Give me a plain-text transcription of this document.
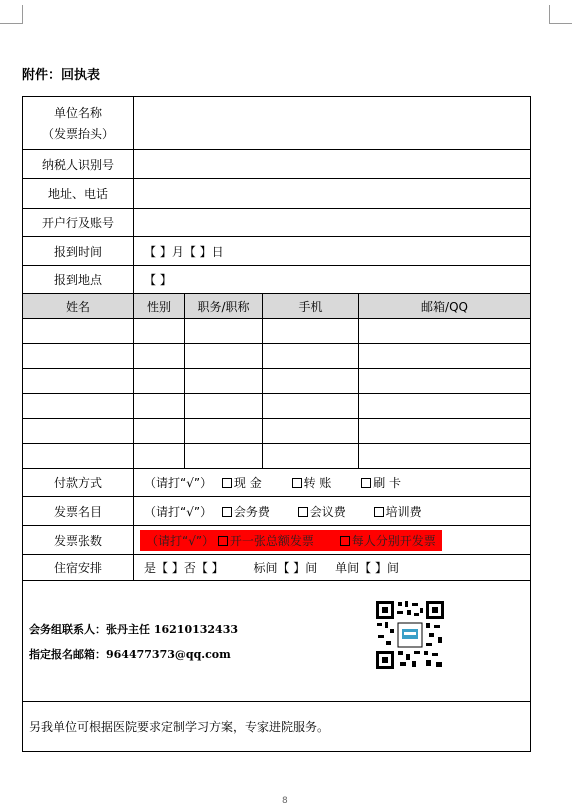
附件：回执表
单位名称
（发票抬头）				

纳税人识别号				
地址、电话				
开户行及账号				
报到时间	【 】月【 】日			
报到地点	【 】			
姓名	性别	职务/职称	手机	邮箱/QQ

付款方式	（请打“√”） 现 金 转 账 刷 卡			
发票名目	（请打“√”） 会务费 会议费 培训费			
发票张数	（请打“√”） 开一张总额发票 每人分别开发票			
住宿安排	是【 】否【 】 标间【 】间 单间【 】间			

会务组联系人：张丹主任 16210132433
指定报名邮箱：964477373@qq.com				

另我单位可根据医院要求定制学习方案，专家进院服务。				
8
